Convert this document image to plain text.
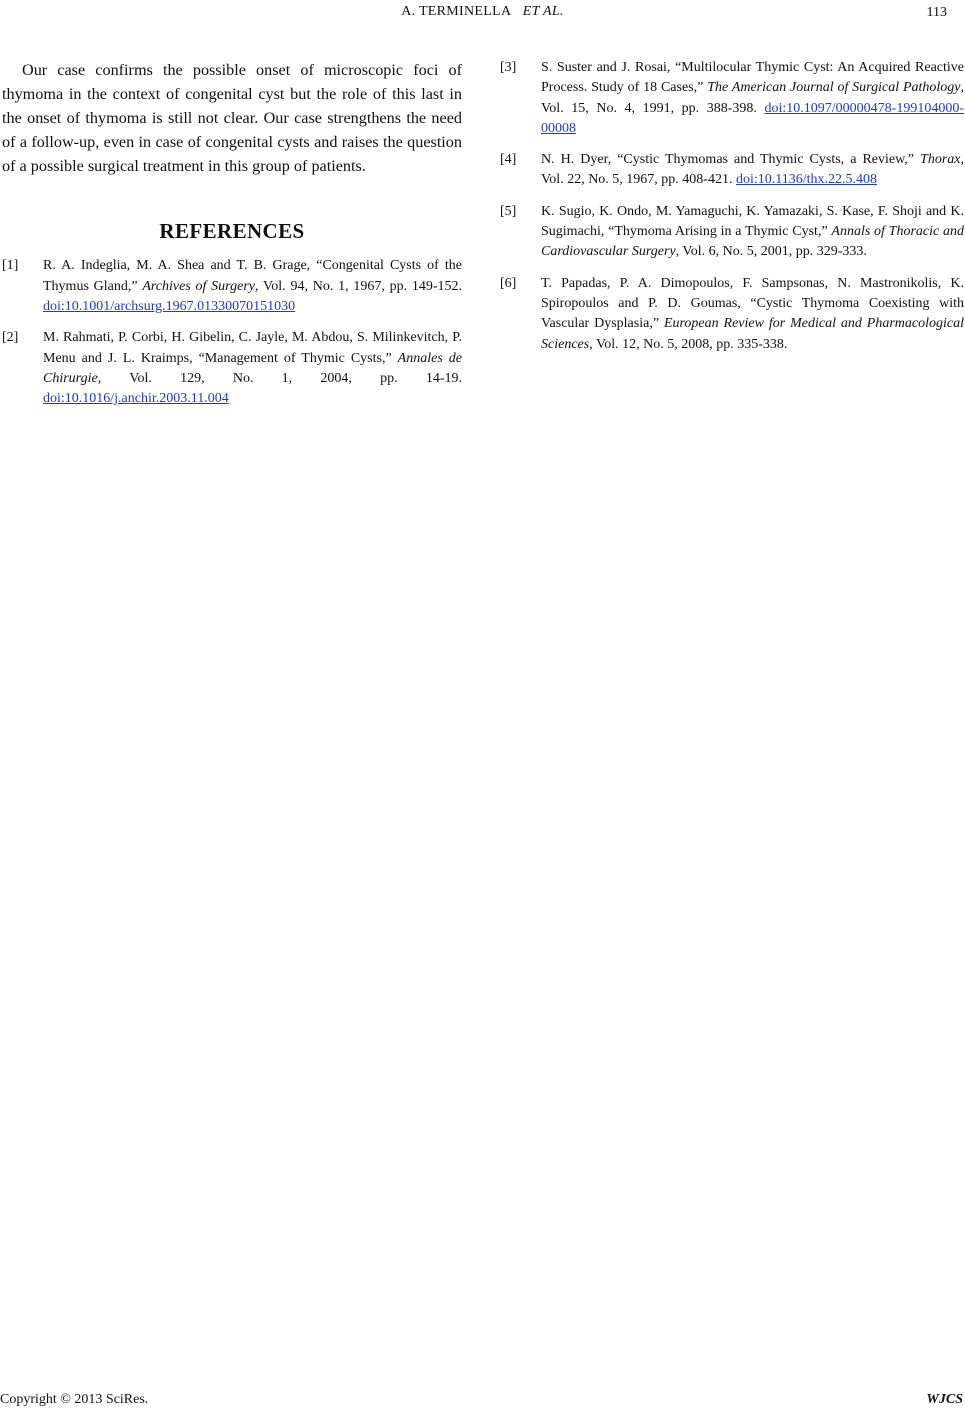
A. TERMINELLA ET AL.	113

Our case confirms the possible onset of microscopic foci of thymoma in the context of congenital cyst but the role of this last in the onset of thymoma is still not clear. Our case strengthens the need of a follow-up, even in case of congenital cysts and raises the question of a possible surgical treatment in this group of patients.

REFERENCES
[1]	R. A. Indeglia, M. A. Shea and T. B. Grage, “Congenital Cysts of the Thymus Gland,” Archives of Surgery, Vol. 94, No. 1, 1967, pp. 149-152. doi:10.1001/archsurg.1967.01330070151030
[2]	M. Rahmati, P. Corbi, H. Gibelin, C. Jayle, M. Abdou, S. Milinkevitch, P. Menu and J. L. Kraimps, “Management of Thymic Cysts,” Annales de Chirurgie, Vol. 129, No. 1, 2004, pp. 14-19. doi:10.1016/j.anchir.2003.11.004
[3]	S. Suster and J. Rosai, “Multilocular Thymic Cyst: An Acquired Reactive Process. Study of 18 Cases,” The American Journal of Surgical Pathology, Vol. 15, No. 4, 1991, pp. 388-398. doi:10.1097/00000478-199104000-00008
[4]	N. H. Dyer, “Cystic Thymomas and Thymic Cysts, a Review,” Thorax, Vol. 22, No. 5, 1967, pp. 408-421. doi:10.1136/thx.22.5.408
[5]	K. Sugio, K. Ondo, M. Yamaguchi, K. Yamazaki, S. Kase, F. Shoji and K. Sugimachi, “Thymoma Arising in a Thymic Cyst,” Annals of Thoracic and Cardiovascular Surgery, Vol. 6, No. 5, 2001, pp. 329-333.
[6]	T. Papadas, P. A. Dimopoulos, F. Sampsonas, N. Mastronikolis, K. Spiropoulos and P. D. Goumas, “Cystic Thymoma Coexisting with Vascular Dysplasia,” European Review for Medical and Pharmacological Sciences, Vol. 12, No. 5, 2008, pp. 335-338.
Copyright © 2013 SciRes.	WJCS
